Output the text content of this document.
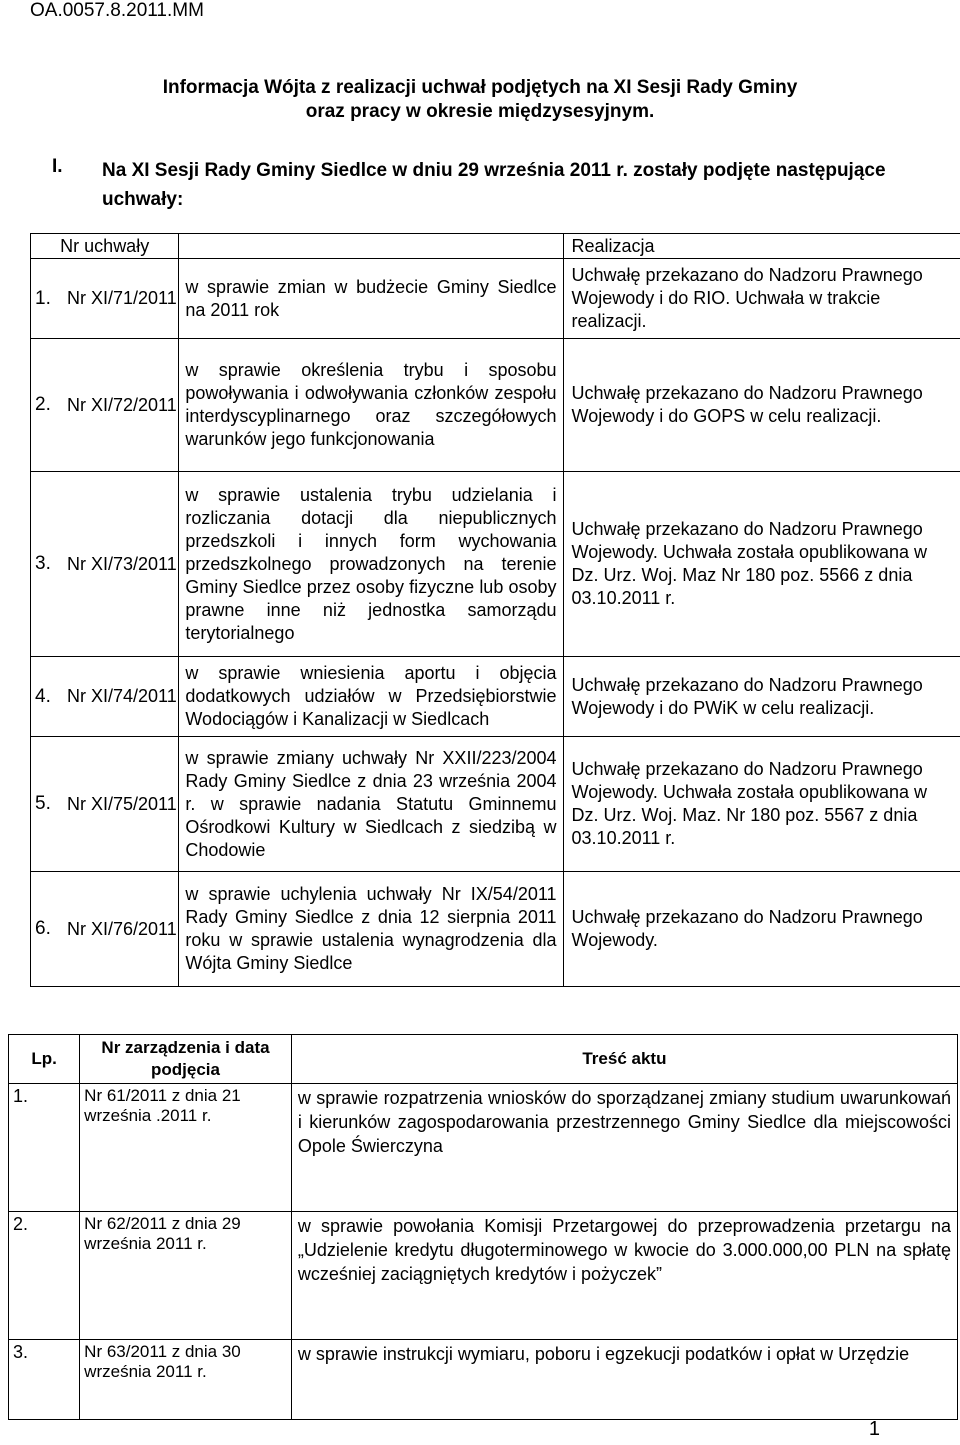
OA.0057.8.2011.MM
Informacja Wójta z realizacji uchwał podjętych na XI Sesji Rady Gminy
oraz pracy w okresie międzysesyjnym.
I. Na XI Sesji Rady Gminy Siedlce w dniu 29 września 2011 r. zostały podjęte następujące uchwały:
Nr uchwały		Realizacja

1. Nr XI/71/2011	w sprawie zmian w budżecie Gminy Siedlce na 2011 rok	Uchwałę przekazano do Nadzoru Prawnego Wojewody i do RIO. Uchwała w trakcie realizacji.

2. Nr XI/72/2011	w sprawie określenia trybu i sposobu powoływania i odwoływania członków zespołu interdyscyplinarnego oraz szczegółowych warunków jego funkcjonowania	Uchwałę przekazano do Nadzoru Prawnego Wojewody i do GOPS w celu realizacji.

3. Nr XI/73/2011	w sprawie ustalenia trybu udzielania i rozliczania dotacji dla niepublicznych przedszkoli i innych form wychowania przedszkolnego prowadzonych na terenie Gminy Siedlce przez osoby fizyczne lub osoby prawne inne niż jednostka samorządu terytorialnego	Uchwałę przekazano do Nadzoru Prawnego Wojewody. Uchwała została opublikowana w Dz. Urz. Woj. Maz Nr 180 poz. 5566 z dnia 03.10.2011 r.

4. Nr XI/74/2011	w sprawie wniesienia aportu i objęcia dodatkowych udziałów w Przedsiębiorstwie Wodociągów i Kanalizacji w Siedlcach	Uchwałę przekazano do Nadzoru Prawnego Wojewody i do PWiK w celu realizacji.

5. Nr XI/75/2011	w sprawie zmiany uchwały Nr XXII/223/2004 Rady Gminy Siedlce z dnia 23 września 2004 r. w sprawie nadania Statutu Gminnemu Ośrodkowi Kultury w Siedlcach z siedzibą w Chodowie	Uchwałę przekazano do Nadzoru Prawnego Wojewody. Uchwała została opublikowana w Dz. Urz. Woj. Maz. Nr 180 poz. 5567 z dnia 03.10.2011 r.

6. Nr XI/76/2011	w sprawie uchylenia uchwały Nr IX/54/2011 Rady Gminy Siedlce z dnia 12 sierpnia 2011 roku w sprawie ustalenia wynagrodzenia dla Wójta Gminy Siedlce	Uchwałę przekazano do Nadzoru Prawnego Wojewody.
Lp.	Nr zarządzenia i data podjęcia	Treść aktu
1.	Nr 61/2011 z dnia 21 września .2011 r.	w sprawie rozpatrzenia wniosków do sporządzanej zmiany studium uwarunkowań i kierunków zagospodarowania przestrzennego Gminy Siedlce dla miejscowości Opole Świerczyna
2.	Nr 62/2011 z dnia 29 września 2011 r.	w sprawie powołania Komisji Przetargowej do przeprowadzenia przetargu na „Udzielenie kredytu długoterminowego w kwocie do 3.000.000,00 PLN na spłatę wcześniej zaciągniętych kredytów i pożyczek”
3.	Nr 63/2011 z dnia 30 września 2011 r.	w sprawie instrukcji wymiaru, poboru i egzekucji podatków i opłat w Urzędzie
1
